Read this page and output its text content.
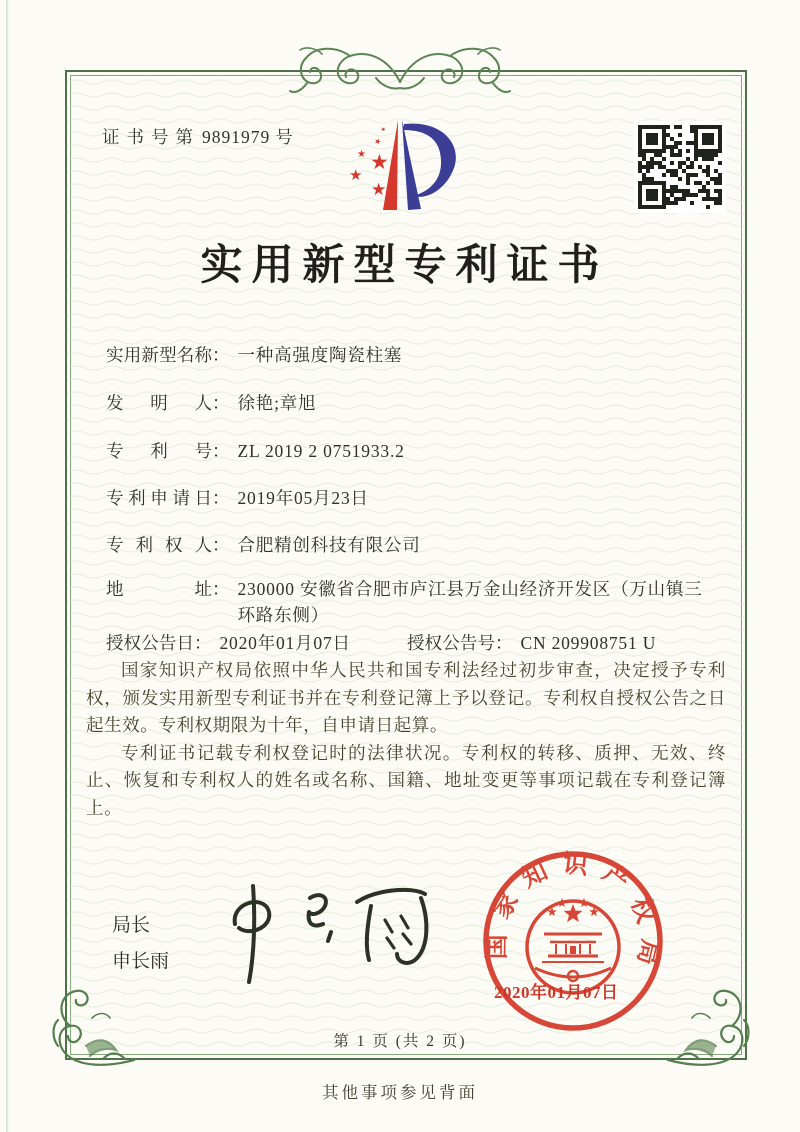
证书号第 9891979 号
★
★
★
★
★
★
实用新型专利证书
实用新型名称 ： 一种高强度陶瓷柱塞
发明人 ： 徐艳;章旭
专利号 ： ZL 2019 2 0751933.2
专利申请日 ： 2019年05月23日
专利权人 ： 合肥精创科技有限公司
地址 ： 230000 安徽省合肥市庐江县万金山经济开发区（万山镇三环路东侧）
授权公告日 ： 2020年01月07日	授权公告号 ： CN 209908751 U

国家知识产权局依照中华人民共和国专利法经过初步审查，决定授予专利权，颁发实用新型专利证书并在专利登记簿上予以登记。专利权自授权公告之日起生效。专利权期限为十年，自申请日起算。

专利证书记载专利权登记时的法律状况。专利权的转移、质押、无效、终止、恢复和专利权人的姓名或名称、国籍、地址变更等事项记载在专利登记簿上。

局长
申长雨
国家知识产权局
2020年01月07日
第 1 页 (共 2 页)
其他事项参见背面
